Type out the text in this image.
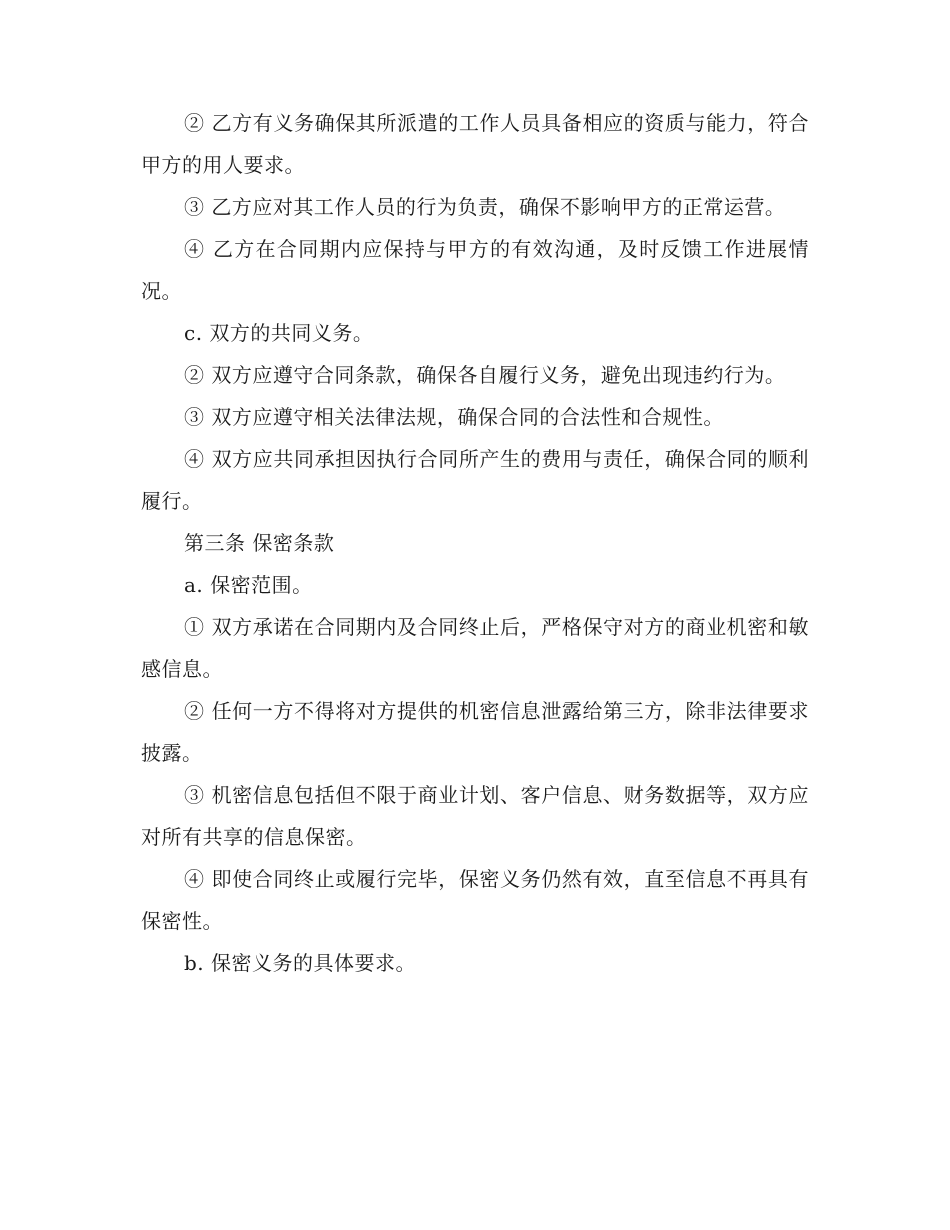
② 乙方有义务确保其所派遣的工作人员具备相应的资质与能力，符合甲方的用人要求。

③ 乙方应对其工作人员的行为负责，确保不影响甲方的正常运营。

④ 乙方在合同期内应保持与甲方的有效沟通，及时反馈工作进展情况。

c. 双方的共同义务。

② 双方应遵守合同条款，确保各自履行义务，避免出现违约行为。

③ 双方应遵守相关法律法规，确保合同的合法性和合规性。

④ 双方应共同承担因执行合同所产生的费用与责任，确保合同的顺利履行。

第三条 保密条款

a. 保密范围。

① 双方承诺在合同期内及合同终止后，严格保守对方的商业机密和敏感信息。

② 任何一方不得将对方提供的机密信息泄露给第三方，除非法律要求披露。

③ 机密信息包括但不限于商业计划、客户信息、财务数据等，双方应对所有共享的信息保密。

④ 即使合同终止或履行完毕，保密义务仍然有效，直至信息不再具有保密性。

b. 保密义务的具体要求。
